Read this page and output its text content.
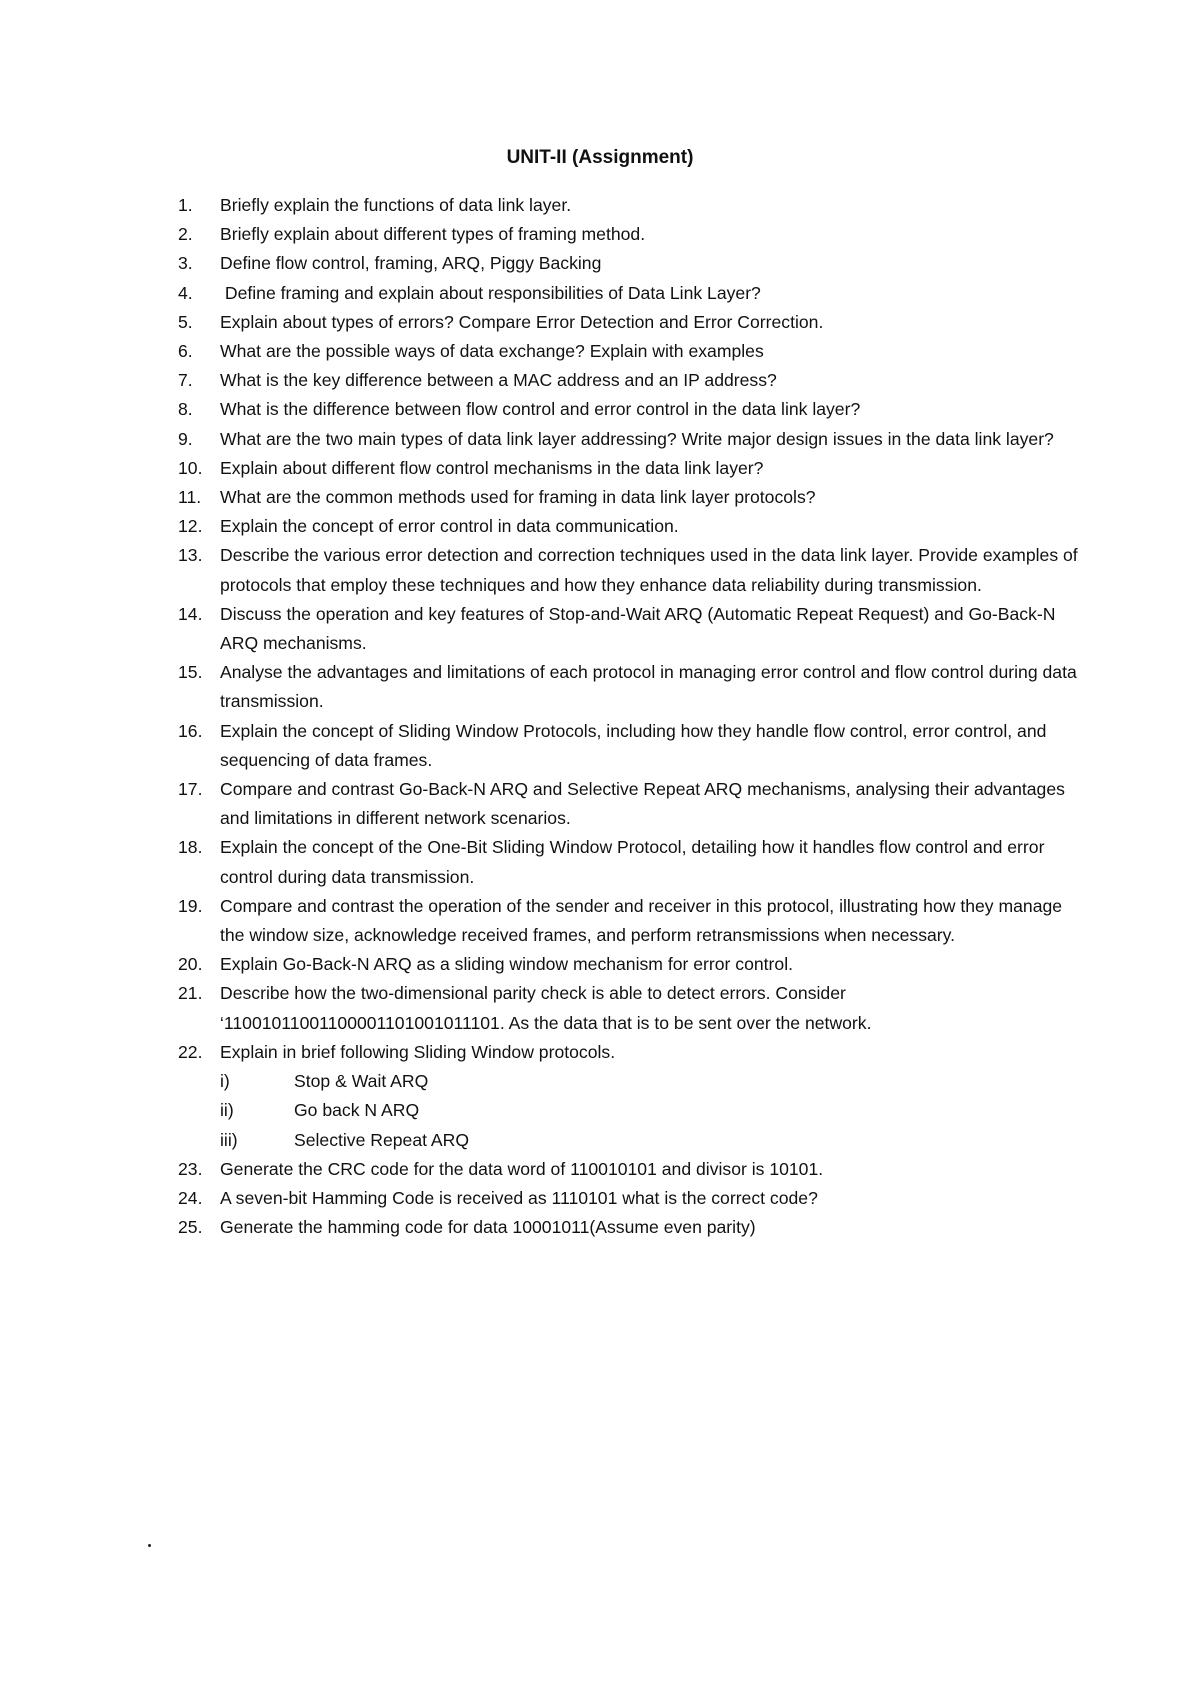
UNIT-II (Assignment)
1.	Briefly explain the functions of data link layer.
2.	Briefly explain about different types of framing method.
3.	Define flow control, framing, ARQ, Piggy Backing
4.	Define framing and explain about responsibilities of Data Link Layer?
5.	Explain about types of errors? Compare Error Detection and Error Correction.
6.	What are the possible ways of data exchange? Explain with examples
7.	What is the key difference between a MAC address and an IP address?
8.	What is the difference between flow control and error control in the data link layer?
9.	What are the two main types of data link layer addressing? Write major design issues in the data link layer?
10. Explain about different flow control mechanisms in the data link layer?
11.	What are the common methods used for framing in data link layer protocols?
12. Explain the concept of error control in data communication.
13. Describe the various error detection and correction techniques used in the data link layer. Provide examples of protocols that employ these techniques and how they enhance data reliability during transmission.
14. Discuss the operation and key features of Stop-and-Wait ARQ (Automatic Repeat Request) and Go-Back-N ARQ mechanisms.
15. Analyse the advantages and limitations of each protocol in managing error control and flow control during data transmission.
16. Explain the concept of Sliding Window Protocols, including how they handle flow control, error control, and sequencing of data frames.
17. Compare and contrast Go-Back-N ARQ and Selective Repeat ARQ mechanisms, analysing their advantages and limitations in different network scenarios.
18. Explain the concept of the One-Bit Sliding Window Protocol, detailing how it handles flow control and error control during data transmission.
19. Compare and contrast the operation of the sender and receiver in this protocol, illustrating how they manage the window size, acknowledge received frames, and perform retransmissions when necessary.
20. Explain Go-Back-N ARQ as a sliding window mechanism for error control.
21. Describe how the two-dimensional parity check is able to detect errors. Consider ‘11001011001100001101001011101. As the data that is to be sent over the network.
22. Explain in brief following Sliding Window protocols.
i)	Stop & Wait ARQ
ii)	Go back N ARQ
iii)	Selective Repeat ARQ
23. Generate the CRC code for the data word of 110010101 and divisor is 10101.
24. A seven-bit Hamming Code is received as 1110101 what is the correct code?
25. Generate the hamming code for data 10001011(Assume even parity)
